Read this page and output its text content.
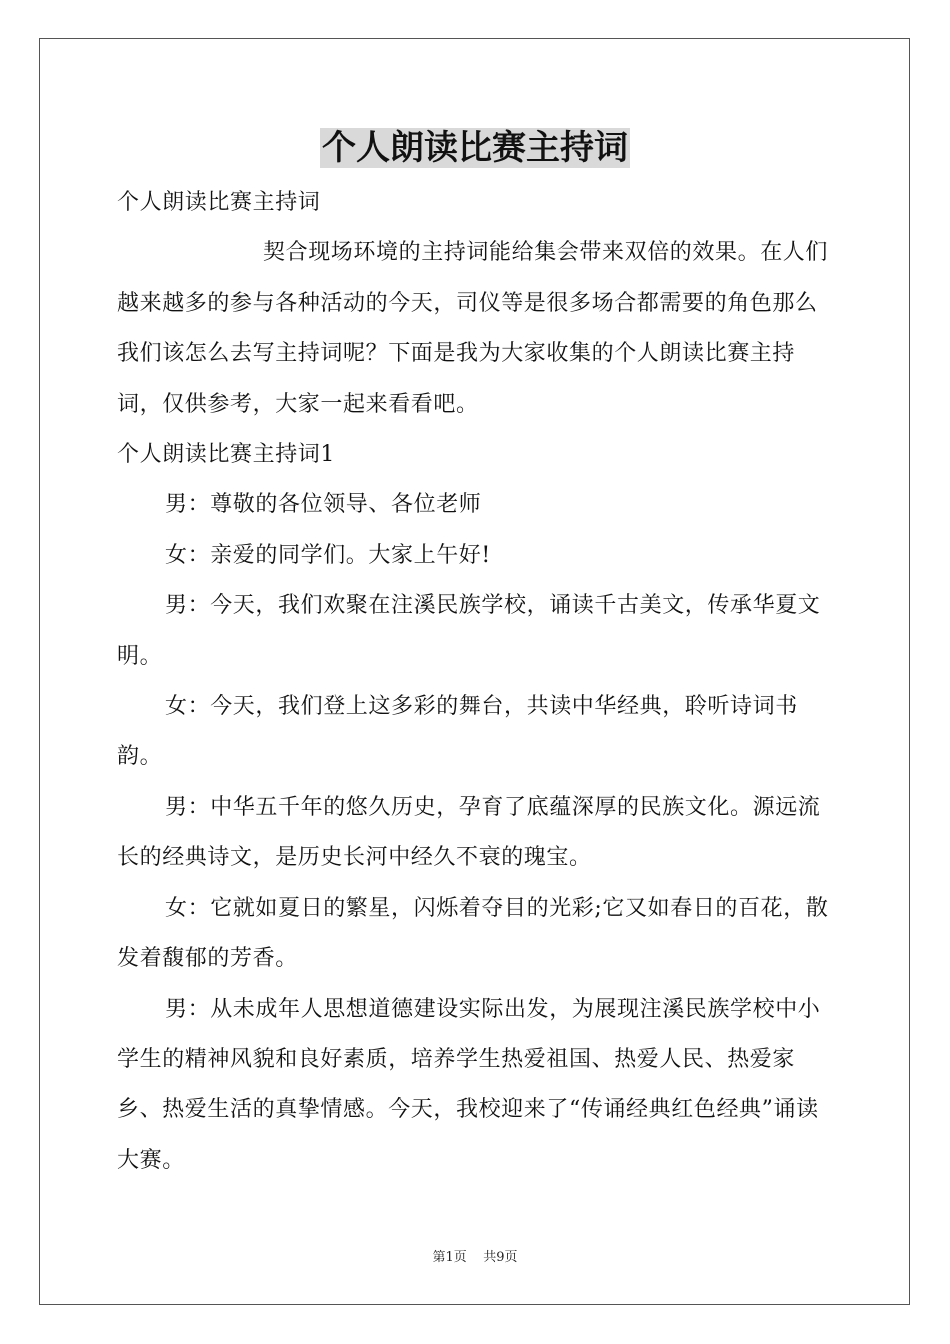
个人朗读比赛主持词

个人朗读比赛主持词

契合现场环境的主持词能给集会带来双倍的效果。在人们越来越多的参与各种活动的今天，司仪等是很多场合都需要的角色那么我们该怎么去写主持词呢？下面是我为大家收集的个人朗读比赛主持词，仅供参考，大家一起来看看吧。

个人朗读比赛主持词1

男：尊敬的各位领导、各位老师

女：亲爱的同学们。大家上午好!

男：今天，我们欢聚在注溪民族学校，诵读千古美文，传承华夏文明。

女：今天，我们登上这多彩的舞台，共读中华经典，聆听诗词书韵。

男：中华五千年的悠久历史，孕育了底蕴深厚的民族文化。源远流长的经典诗文，是历史长河中经久不衰的瑰宝。

女：它就如夏日的繁星，闪烁着夺目的光彩;它又如春日的百花，散发着馥郁的芳香。

男：从未成年人思想道德建设实际出发，为展现注溪民族学校中小学生的精神风貌和良好素质，培养学生热爱祖国、热爱人民、热爱家乡、热爱生活的真挚情感。今天，我校迎来了“传诵经典红色经典”诵读大赛。

第1页    共9页
